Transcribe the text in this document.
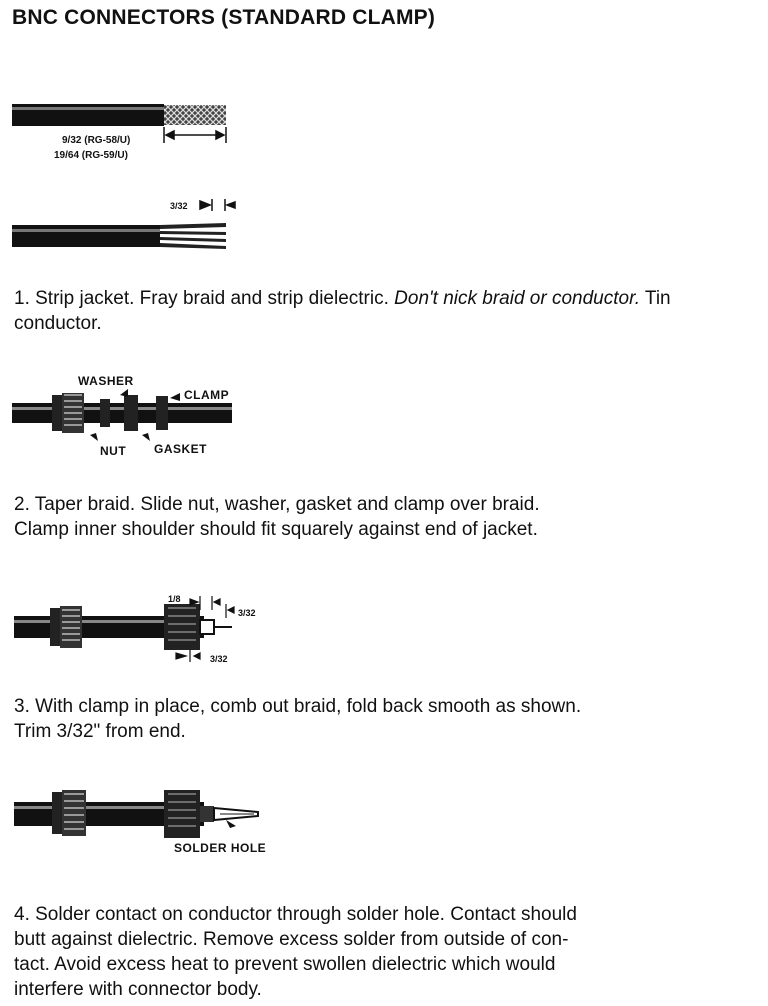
BNC CONNECTORS (STANDARD CLAMP)
9/32 (RG-58/U)
19/64 (RG-59/U)
3/32
1. Strip jacket. Fray braid and strip dielectric. Don't nick braid or conductor. Tin conductor.
WASHER
CLAMP
NUT GASKET
2. Taper braid. Slide nut, washer, gasket and clamp over braid.
Clamp inner shoulder should fit squarely against end of jacket.
1/8
3/32
3/32
3. With clamp in place, comb out braid, fold back smooth as shown.
Trim 3/32" from end.
SOLDER HOLE
4. Solder contact on conductor through solder hole. Contact should
butt against dielectric. Remove excess solder from outside of con-
tact. Avoid excess heat to prevent swollen dielectric which would
interfere with connector body.
